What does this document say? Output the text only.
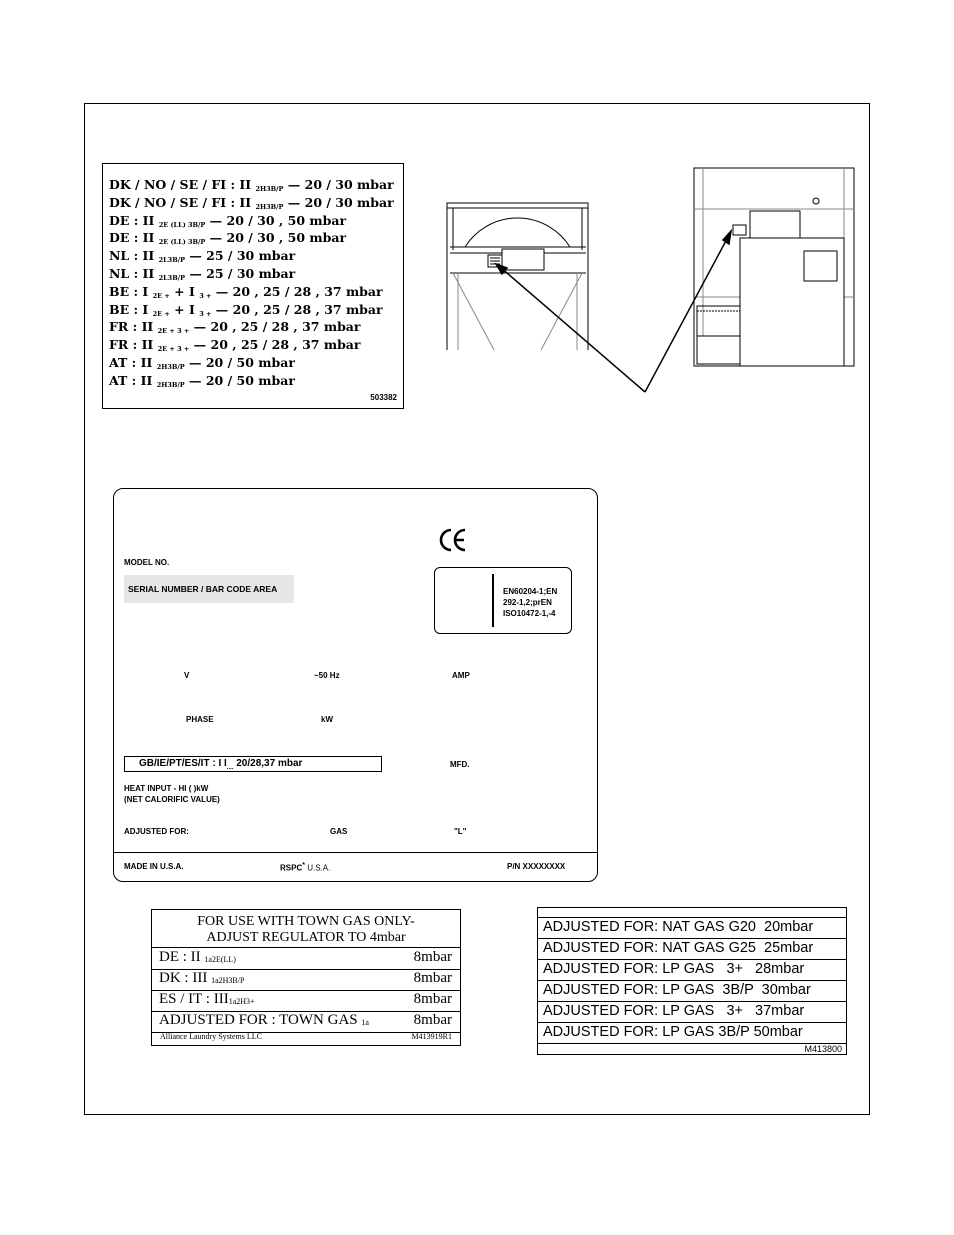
DK / NO / SE / FI : II $_{2H3B/P}$ — 20 / 30 mbar
DK / NO / SE / FI : II $_{2H3B/P}$ — 20 / 30 mbar
DE : II $_{2E (LL) 3B/P}$ — 20 / 30 , 50 mbar
DE : II $_{2E (LL) 3B/P}$ — 20 / 30 , 50 mbar
NL : II $_{2L3B/P}$ — 25 / 30 mbar
NL : II $_{2L3B/P}$ — 25 / 30 mbar
BE : I $_{2E +}$ + I $_{3 +}$ — 20 , 25 / 28 , 37 mbar
BE : I $_{2E +}$ + I $_{3 +}$ — 20 , 25 / 28 , 37 mbar
FR : II $_{2E + 3 +}$ — 20 , 25 / 28 , 37 mbar
FR : II $_{2E + 3 +}$ — 20 , 25 / 28 , 37 mbar
AT : II $_{2H3B/P}$ — 20 / 50 mbar
AT : II $_{2H3B/P}$ — 20 / 50 mbar
503382
MODEL NO.
SERIAL NUMBER / BAR CODE AREA	EN60204-1;EN
292-1,2;prEN
ISO10472-1,-4
V	~50 Hz	AMP
PHASE	kW
GB/IE/PT/ES/IT : I $I_{....}$ 20/28,37 mbar	MFD.
HEAT INPUT - HI ( )kW
(NET CALORIFIC VALUE)
ADJUSTED FOR:	GAS	"L"
MADE IN U.S.A.	RSPC* U.S.A.	P/N XXXXXXXX
FOR USE WITH TOWN GAS ONLY-
ADJUST REGULATOR TO 4mbar
DE : II $_{1a2E(LL)}$	8mbar
DK : III $_{1a2H3B/P}$	8mbar
ES / IT : $III_{1a2H3+}$	8mbar
ADJUSTED FOR : TOWN GAS $_{1a}$	8mbar
Alliance Laundry Systems LLC	M413919R1
ADJUSTED FOR: NAT GAS G20  20mbar
ADJUSTED FOR: NAT GAS G25  25mbar
ADJUSTED FOR: LP GAS   3+   28mbar
ADJUSTED FOR: LP GAS  3B/P  30mbar
ADJUSTED FOR: LP GAS   3+   37mbar
ADJUSTED FOR: LP GAS 3B/P 50mbar
M413800
